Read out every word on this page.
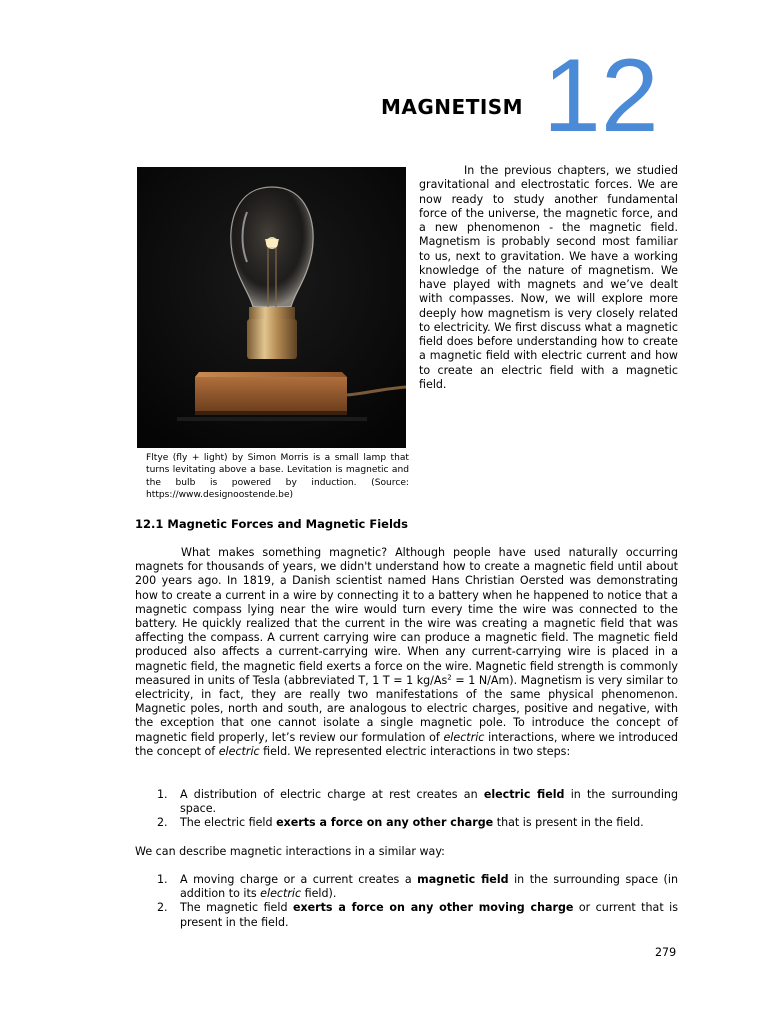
MAGNETISM 12
Fltye (fly + light) by Simon Morris is a small lamp that turns levitating above a base. Levitation is magnetic and the bulb is powered by induction. (Source: https://www.designoostende.be)

In the previous chapters, we studied gravitational and electrostatic forces. We are now ready to study another fundamental force of the universe, the magnetic force, and a new phenomenon - the magnetic field. Magnetism is probably second most familiar to us, next to gravitation. We have a working knowledge of the nature of magnetism. We have played with magnets and we’ve dealt with compasses. Now, we will explore more deeply how magnetism is very closely related to electricity. We first discuss what a magnetic field does before understanding how to create a magnetic field with electric current and how to create an electric field with a magnetic field.

12.1 Magnetic Forces and Magnetic Fields

What makes something magnetic? Although people have used naturally occurring magnets for thousands of years, we didn't understand how to create a magnetic field until about 200 years ago. In 1819, a Danish scientist named Hans Christian Oersted was demonstrating how to create a current in a wire by connecting it to a battery when he happened to notice that a magnetic compass lying near the wire would turn every time the wire was connected to the battery. He quickly realized that the current in the wire was creating a magnetic field that was affecting the compass. A current carrying wire can produce a magnetic field. The magnetic field produced also affects a current-carrying wire. When any current-carrying wire is placed in a magnetic field, the magnetic field exerts a force on the wire. Magnetic field strength is commonly measured in units of Tesla (abbreviated T, 1 T = 1 $kg/As^2 = 1$ N/Am). Magnetism is very similar to electricity, in fact, they are really two manifestations of the same physical phenomenon. Magnetic poles, north and south, are analogous to electric charges, positive and negative, with the exception that one cannot isolate a single magnetic pole. To introduce the concept of magnetic field properly, let’s review our formulation of electric interactions, where we introduced the concept of electric field. We represented electric interactions in two steps:

1. A distribution of electric charge at rest creates an electric field in the surrounding space.
2. The electric field exerts a force on any other charge that is present in the field.
We can describe magnetic interactions in a similar way:
1. A moving charge or a current creates a magnetic field in the surrounding space (in addition to its electric field).
2. The magnetic field exerts a force on any other moving charge or current that is present in the field.
279
